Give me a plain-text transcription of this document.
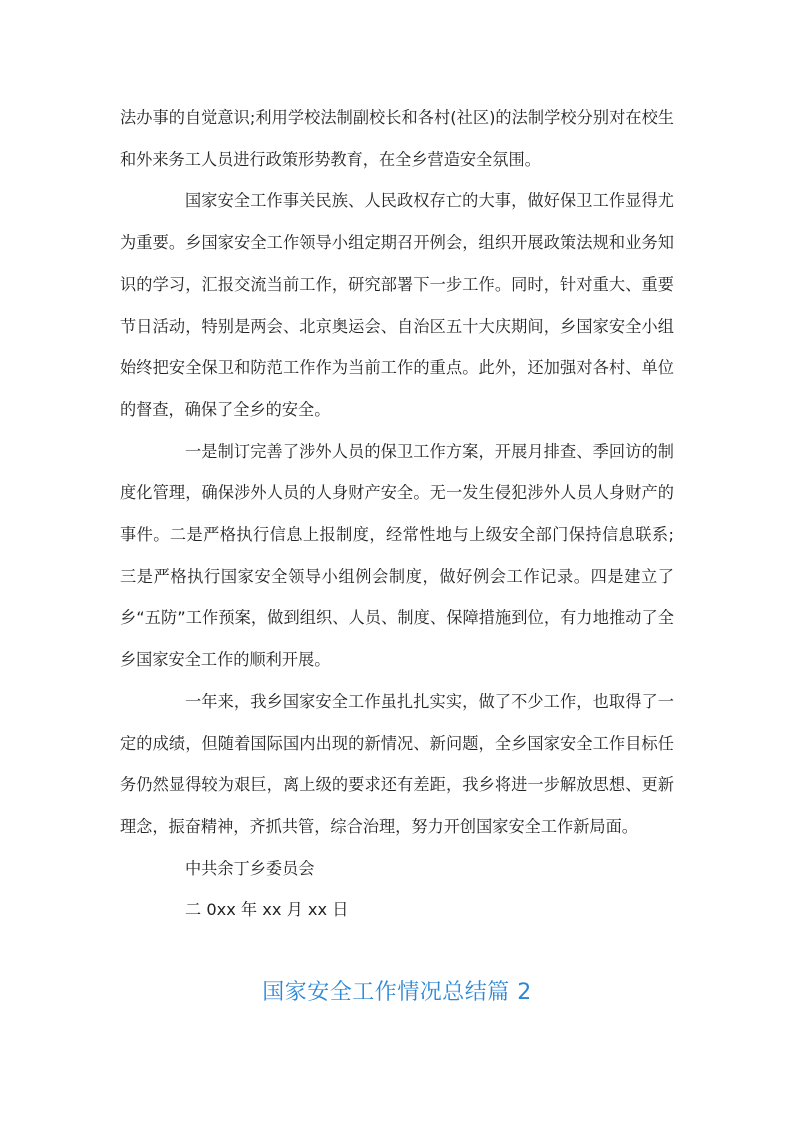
法办事的自觉意识;利用学校法制副校长和各村(社区)的法制学校分别对在校生和外来务工人员进行政策形势教育，在全乡营造安全氛围。

国家安全工作事关民族、人民政权存亡的大事，做好保卫工作显得尤为重要。乡国家安全工作领导小组定期召开例会，组织开展政策法规和业务知识的学习，汇报交流当前工作，研究部署下一步工作。同时，针对重大、重要节日活动，特别是两会、北京奥运会、自治区五十大庆期间，乡国家安全小组始终把安全保卫和防范工作作为当前工作的重点。此外，还加强对各村、单位的督查，确保了全乡的安全。

一是制订完善了涉外人员的保卫工作方案，开展月排查、季回访的制度化管理，确保涉外人员的人身财产安全。无一发生侵犯涉外人员人身财产的事件。二是严格执行信息上报制度，经常性地与上级安全部门保持信息联系;三是严格执行国家安全领导小组例会制度，做好例会工作记录。四是建立了乡“五防”工作预案，做到组织、人员、制度、保障措施到位，有力地推动了全乡国家安全工作的顺利开展。

一年来，我乡国家安全工作虽扎扎实实，做了不少工作，也取得了一定的成绩，但随着国际国内出现的新情况、新问题，全乡国家安全工作目标任务仍然显得较为艰巨，离上级的要求还有差距，我乡将进一步解放思想、更新理念，振奋精神，齐抓共管，综合治理，努力开创国家安全工作新局面。

中共余丁乡委员会

二 0xx 年 xx 月 xx 日

国家安全工作情况总结篇 2
